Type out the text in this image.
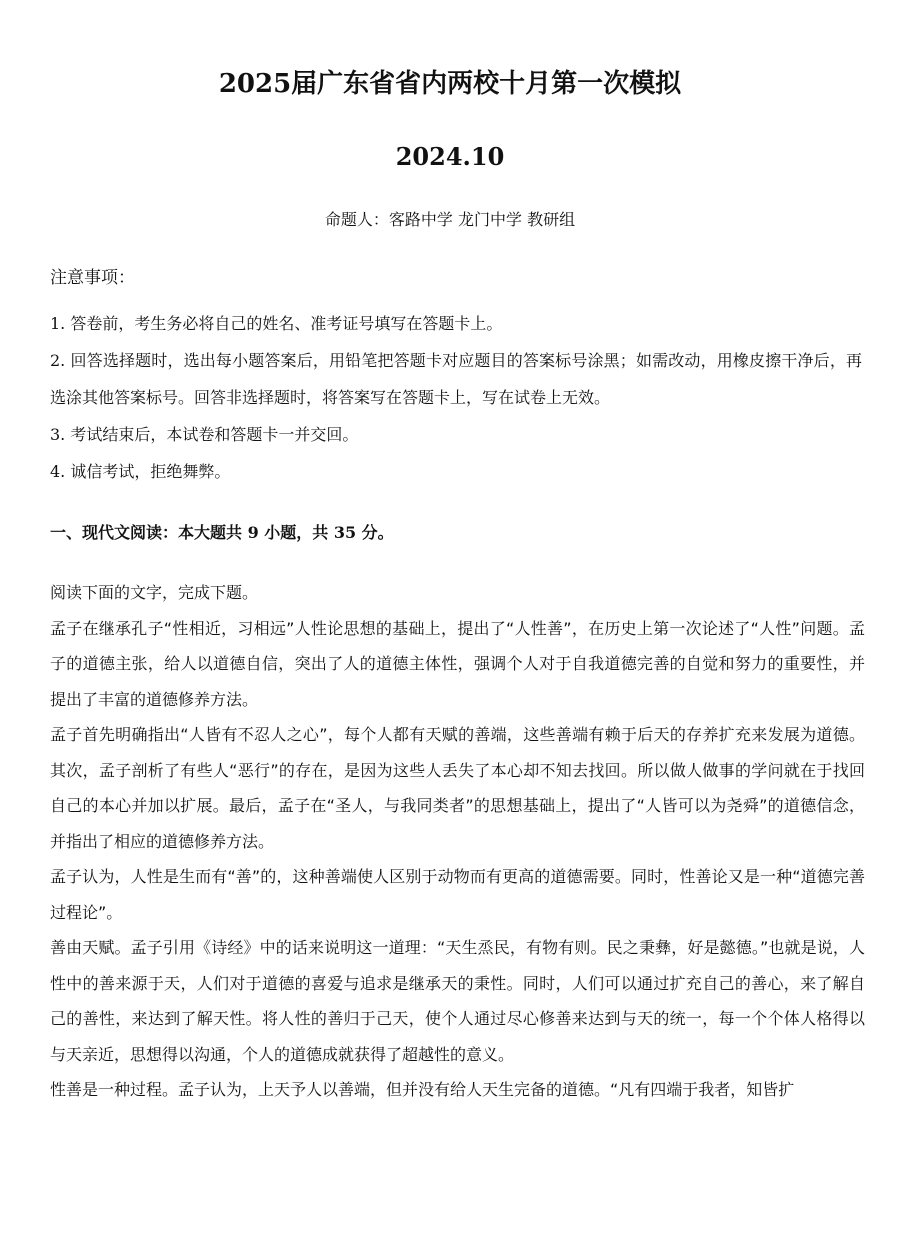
2025届广东省省内两校十月第一次模拟
2024.10
命题人：客路中学 龙门中学 教研组
注意事项：

1. 答卷前，考生务必将自己的姓名、准考证号填写在答题卡上。

2. 回答选择题时，选出每小题答案后，用铅笔把答题卡对应题目的答案标号涂黑；如需改动，用橡皮擦干净后，再选涂其他答案标号。回答非选择题时，将答案写在答题卡上，写在试卷上无效。

3. 考试结束后，本试卷和答题卡一并交回。

4. 诚信考试，拒绝舞弊。

一、现代文阅读：本大题共 9 小题，共 35 分。

阅读下面的文字，完成下题。

孟子在继承孔子“性相近，习相远”人性论思想的基础上，提出了“人性善”，在历史上第一次论述了“人性”问题。孟子的道德主张，给人以道德自信，突出了人的道德主体性，强调个人对于自我道德完善的自觉和努力的重要性，并提出了丰富的道德修养方法。

孟子首先明确指出“人皆有不忍人之心”，每个人都有天赋的善端，这些善端有赖于后天的存养扩充来发展为道德。其次，孟子剖析了有些人“恶行”的存在，是因为这些人丢失了本心却不知去找回。所以做人做事的学问就在于找回自己的本心并加以扩展。最后，孟子在“圣人，与我同类者”的思想基础上，提出了“人皆可以为尧舜”的道德信念，并指出了相应的道德修养方法。

孟子认为，人性是生而有“善”的，这种善端使人区别于动物而有更高的道德需要。同时，性善论又是一种“道德完善过程论”。

善由天赋。孟子引用《诗经》中的话来说明这一道理：“天生烝民，有物有则。民之秉彝，好是懿德。”也就是说，人性中的善来源于天，人们对于道德的喜爱与追求是继承天的秉性。同时，人们可以通过扩充自己的善心，来了解自己的善性，来达到了解天性。将人性的善归于己天，使个人通过尽心修善来达到与天的统一，每一个个体人格得以与天亲近，思想得以沟通，个人的道德成就获得了超越性的意义。

性善是一种过程。孟子认为，上天予人以善端，但并没有给人天生完备的道德。“凡有四端于我者，知皆扩
